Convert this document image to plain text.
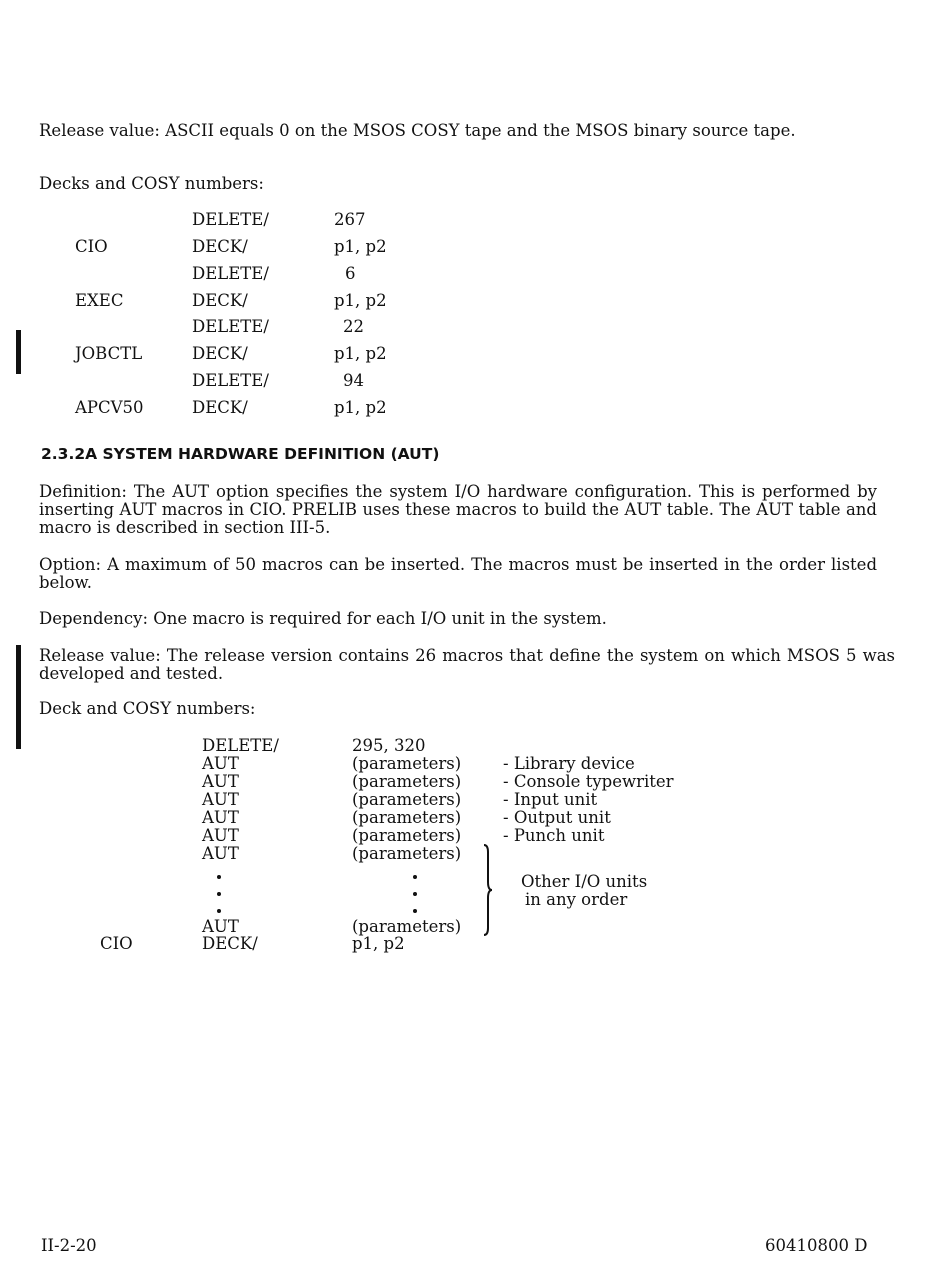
Release value: ASCII equals 0 on the MSOS COSY tape and the MSOS binary source tape.
Decks and COSY numbers:
DELETE/	267
CIO	DECK/	p1, p2
DELETE/	6
EXEC	DECK/	p1, p2
DELETE/	22
JOBCTL	DECK/	p1, p2
DELETE/	94
APCV50	DECK/	p1, p2
2.3.2A SYSTEM HARDWARE DEFINITION (AUT)
Definition: The AUT option specifies the system I/O hardware configuration. This is performed by inserting AUT macros in CIO. PRELIB uses these macros to build the AUT table. The AUT table and macro is described in section III-5.
Option: A maximum of 50 macros can be inserted. The macros must be inserted in the order listed below.
Dependency: One macro is required for each I/O unit in the system.
Release value: The release version contains 26 macros that define the system on which MSOS 5 was developed and tested.
Deck and COSY numbers:
DELETE/	295, 320
AUT	(parameters)	- Library device
AUT	(parameters)	- Console typewriter
AUT	(parameters)	- Input unit
AUT	(parameters)	- Output unit
AUT	(parameters)	- Punch unit
AUT	(parameters)
AUT	(parameters)
CIO	DECK/	p1, p2
Other I/O units
in any order
II-2-20	60410800 D
